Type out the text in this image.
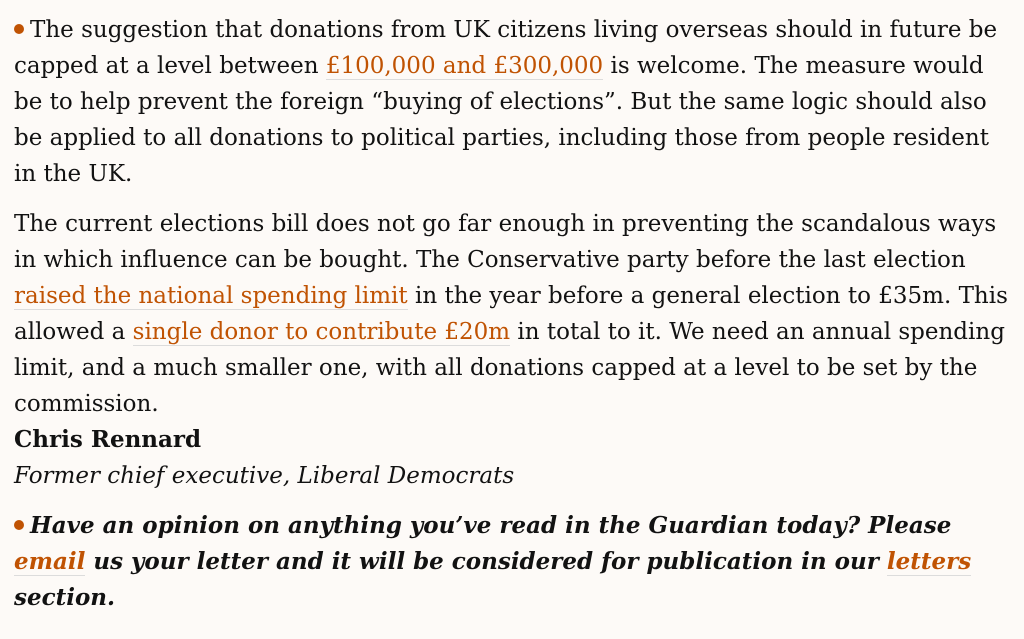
The suggestion that donations from UK citizens living overseas should in future be capped at a level between £100,000 and £300,000 is welcome. The measure would be to help prevent the foreign “buying of elections”. But the same logic should also be applied to all donations to political parties, including those from people resident in the UK.

The current elections bill does not go far enough in preventing the scandalous ways in which influence can be bought. The Conservative party before the last election raised the national spending limit in the year before a general election to £35m. This allowed a single donor to contribute £20m in total to it. We need an annual spending limit, and a much smaller one, with all donations capped at a level to be set by the commission.

Chris Rennard

Former chief executive, Liberal Democrats

Have an opinion on anything you’ve read in the Guardian today? Please email us your letter and it will be considered for publication in our letters section.
